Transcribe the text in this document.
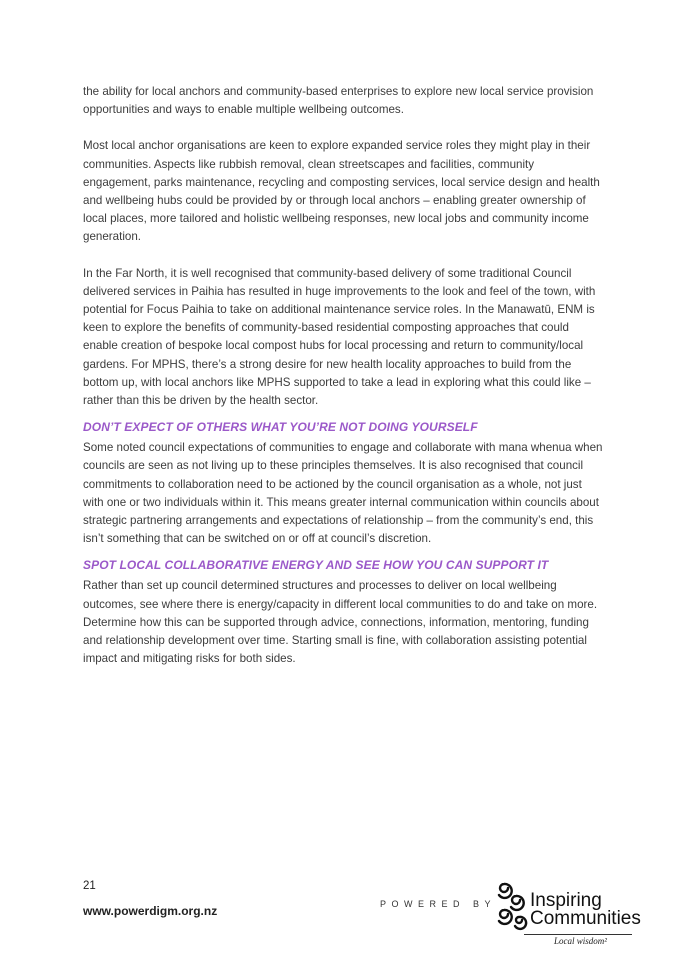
the ability for local anchors and community-based enterprises to explore new local service provision opportunities and ways to enable multiple wellbeing outcomes.

Most local anchor organisations are keen to explore expanded service roles they might play in their communities. Aspects like rubbish removal, clean streetscapes and facilities, community engagement, parks maintenance, recycling and composting services, local service design and health and wellbeing hubs could be provided by or through local anchors – enabling greater ownership of local places, more tailored and holistic wellbeing responses, new local jobs and community income generation.

In the Far North, it is well recognised that community-based delivery of some traditional Council delivered services in Paihia has resulted in huge improvements to the look and feel of the town, with potential for Focus Paihia to take on additional maintenance service roles. In the Manawatū, ENM is keen to explore the benefits of community-based residential composting approaches that could enable creation of bespoke local compost hubs for local processing and return to community/local gardens. For MPHS, there’s a strong desire for new health locality approaches to build from the bottom up, with local anchors like MPHS supported to take a lead in exploring what this could like – rather than this be driven by the health sector.

DON’T EXPECT OF OTHERS WHAT YOU’RE NOT DOING YOURSELF

Some noted council expectations of communities to engage and collaborate with mana whenua when councils are seen as not living up to these principles themselves. It is also recognised that council commitments to collaboration need to be actioned by the council organisation as a whole, not just with one or two individuals within it. This means greater internal communication within councils about strategic partnering arrangements and expectations of relationship – from the community’s end, this isn’t something that can be switched on or off at council’s discretion.

SPOT LOCAL COLLABORATIVE ENERGY AND SEE HOW YOU CAN SUPPORT IT

Rather than set up council determined structures and processes to deliver on local wellbeing outcomes, see where there is energy/capacity in different local communities to do and take on more. Determine how this can be supported through advice, connections, information, mentoring, funding and relationship development over time. Starting small is fine, with collaboration assisting potential impact and mitigating risks for both sides.

21
www.powerdigm.org.nz	POWERED BY Inspiring
Communities
Local wisdom²
